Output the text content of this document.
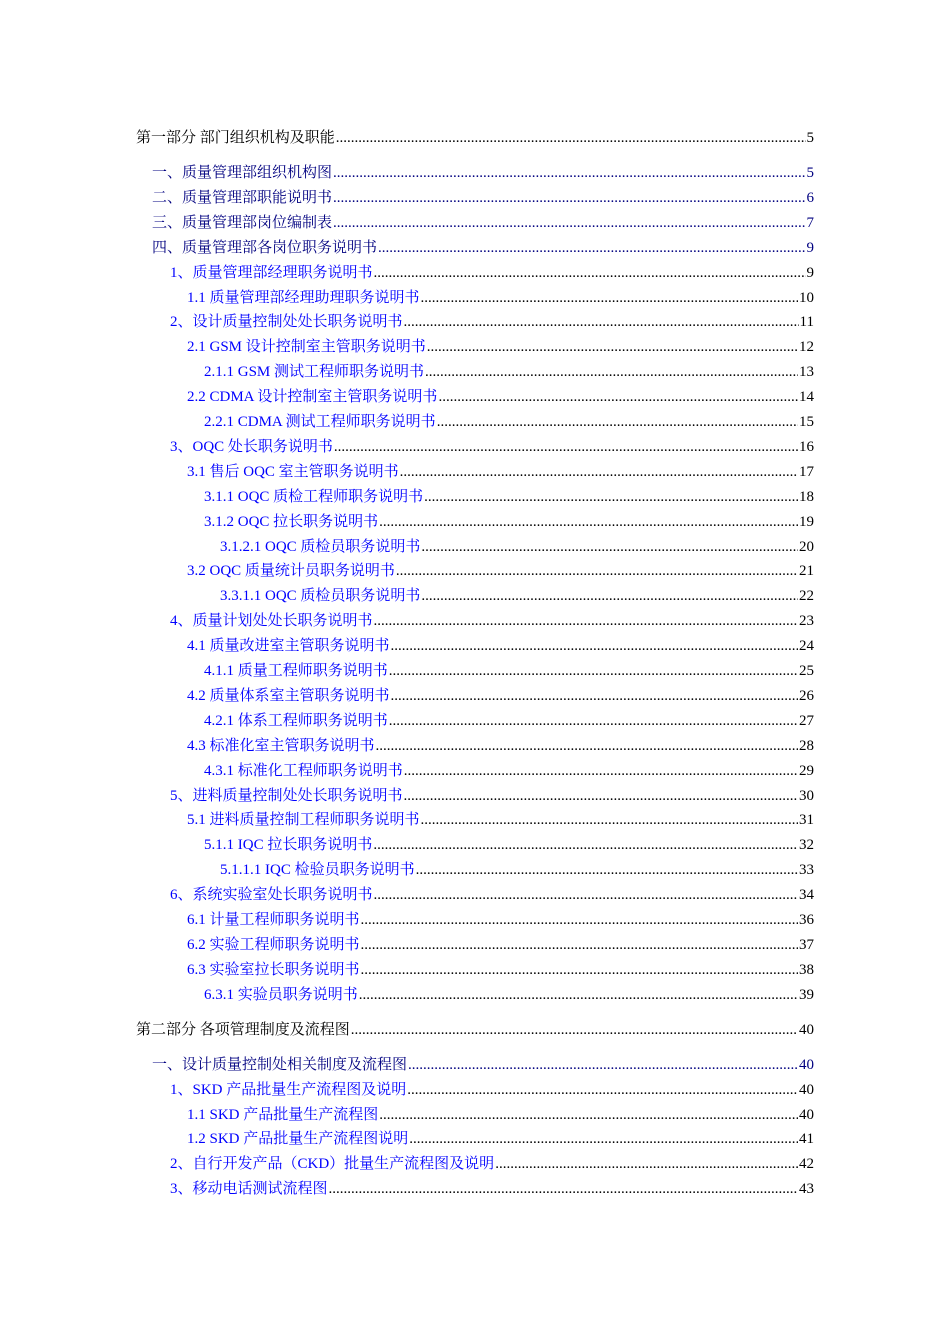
第一部分 部门组织机构及职能 .....	5
一、质量管理部组织机构图 .....	5
二、质量管理部职能说明书 .....	6
三、质量管理部岗位编制表 .....	7
四、质量管理部各岗位职务说明书 .....	9
1、质量管理部经理职务说明书 .....	9
1.1 质量管理部经理助理职务说明书 .....	10
2、设计质量控制处处长职务说明书 .....	11
2.1 GSM 设计控制室主管职务说明书 .....	12
2.1.1 GSM 测试工程师职务说明书 .....	13
2.2 CDMA 设计控制室主管职务说明书 .....	14
2.2.1 CDMA 测试工程师职务说明书 .....	15
3、OQC 处长职务说明书 .....	16
3.1 售后 OQC 室主管职务说明书 .....	17
3.1.1 OQC 质检工程师职务说明书 .....	18
3.1.2 OQC 拉长职务说明书 .....	19
3.1.2.1 OQC 质检员职务说明书 .....	20
3.2 OQC 质量统计员职务说明书 .....	21
3.3.1.1 OQC 质检员职务说明书 .....	22
4、质量计划处处长职务说明书 .....	23
4.1 质量改进室主管职务说明书 .....	24
4.1.1 质量工程师职务说明书 .....	25
4.2 质量体系室主管职务说明书 .....	26
4.2.1 体系工程师职务说明书 .....	27
4.3 标准化室主管职务说明书 .....	28
4.3.1 标准化工程师职务说明书 .....	29
5、进料质量控制处处长职务说明书 .....	30
5.1 进料质量控制工程师职务说明书 .....	31
5.1.1 IQC 拉长职务说明书 .....	32
5.1.1.1 IQC 检验员职务说明书 .....	33
6、系统实验室处长职务说明书 .....	34
6.1 计量工程师职务说明书 .....	36
6.2 实验工程师职务说明书 .....	37
6.3 实验室拉长职务说明书 .....	38
6.3.1 实验员职务说明书 .....	39
第二部分 各项管理制度及流程图 .....	40
一、设计质量控制处相关制度及流程图 .....	40
1、SKD 产品批量生产流程图及说明 .....	40
1.1 SKD 产品批量生产流程图 .....	40
1.2 SKD 产品批量生产流程图说明 .....	41
2、自行开发产品（CKD）批量生产流程图及说明 .....	42
3、移动电话测试流程图 .....	43
